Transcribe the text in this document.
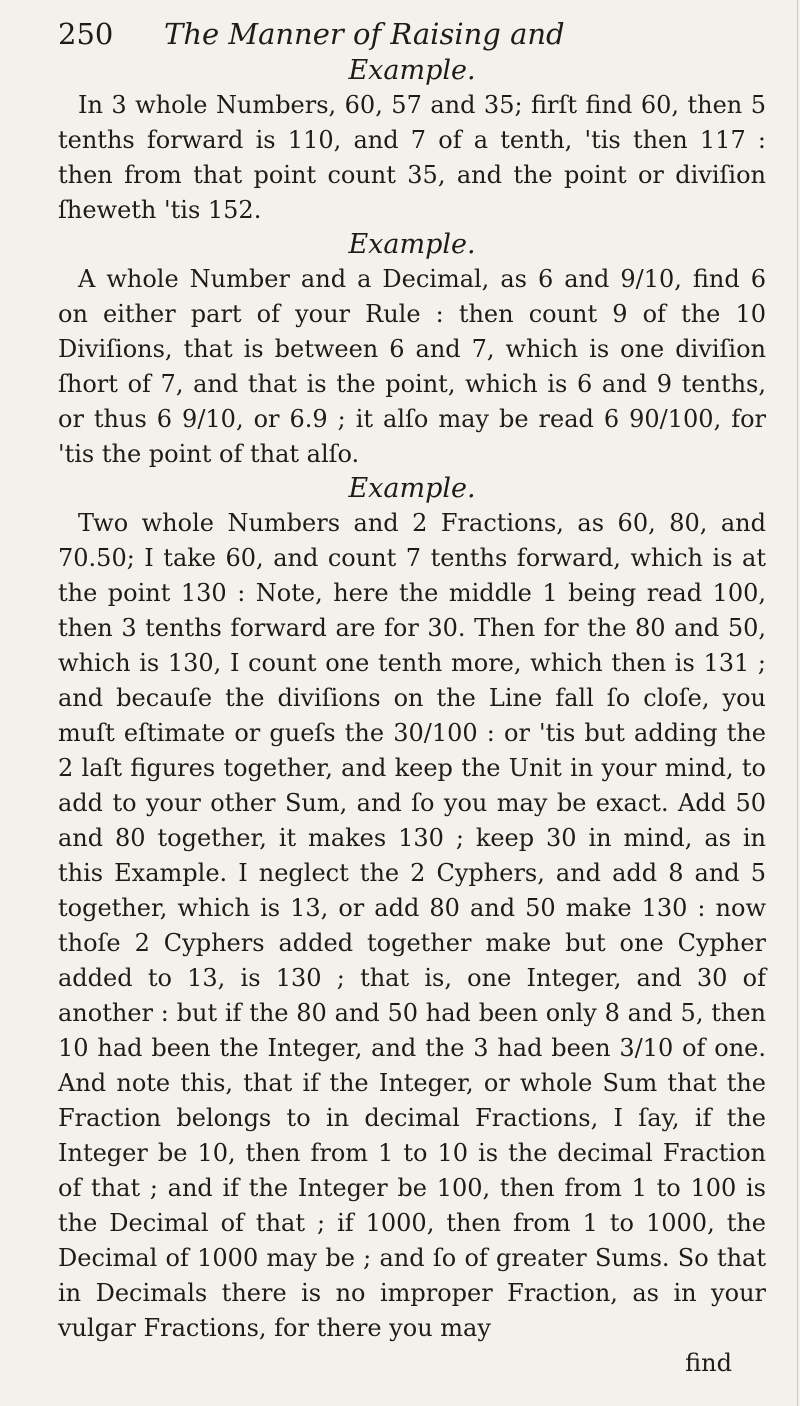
250	The Manner of Raising and

Example.

In 3 whole Numbers, 60, 57 and 35; firſt find 60, then 5 tenths forward is 110, and 7 of a tenth, 'tis then 117 : then from that point count 35, and the point or diviſion ſheweth 'tis 152.

Example.

A whole Number and a Decimal, as 6 and 9/10, find 6 on either part of your Rule : then count 9 of the 10 Diviſions, that is between 6 and 7, which is one diviſion ſhort of 7, and that is the point, which is 6 and 9 tenths, or thus 6 9/10, or 6.9 ; it alſo may be read 6 90/100, for 'tis the point of that alſo.

Example.

Two whole Numbers and 2 Fractions, as 60, 80, and 70.50; I take 60, and count 7 tenths forward, which is at the point 130 : Note, here the middle 1 being read 100, then 3 tenths forward are for 30. Then for the 80 and 50, which is 130, I count one tenth more, which then is 131 ; and becauſe the diviſions on the Line fall ſo cloſe, you muſt eſtimate or gueſs the 30/100 : or 'tis but adding the 2 laſt figures together, and keep the Unit in your mind, to add to your other Sum, and ſo you may be exact. Add 50 and 80 together, it makes 130 ; keep 30 in mind, as in this Example. I neglect the 2 Cyphers, and add 8 and 5 together, which is 13, or add 80 and 50 make 130 : now thoſe 2 Cyphers added together make but one Cypher added to 13, is 130 ; that is, one Integer, and 30 of another : but if the 80 and 50 had been only 8 and 5, then 10 had been the Integer, and the 3 had been 3/10 of one. And note this, that if the Integer, or whole Sum that the Fraction belongs to in decimal Fractions, I ſay, if the Integer be 10, then from 1 to 10 is the decimal Fraction of that ; and if the Integer be 100, then from 1 to 100 is the Decimal of that ; if 1000, then from 1 to 1000, the Decimal of 1000 may be ; and ſo of greater Sums. So that in Decimals there is no improper Fraction, as in your vulgar Fractions, for there you may

find
